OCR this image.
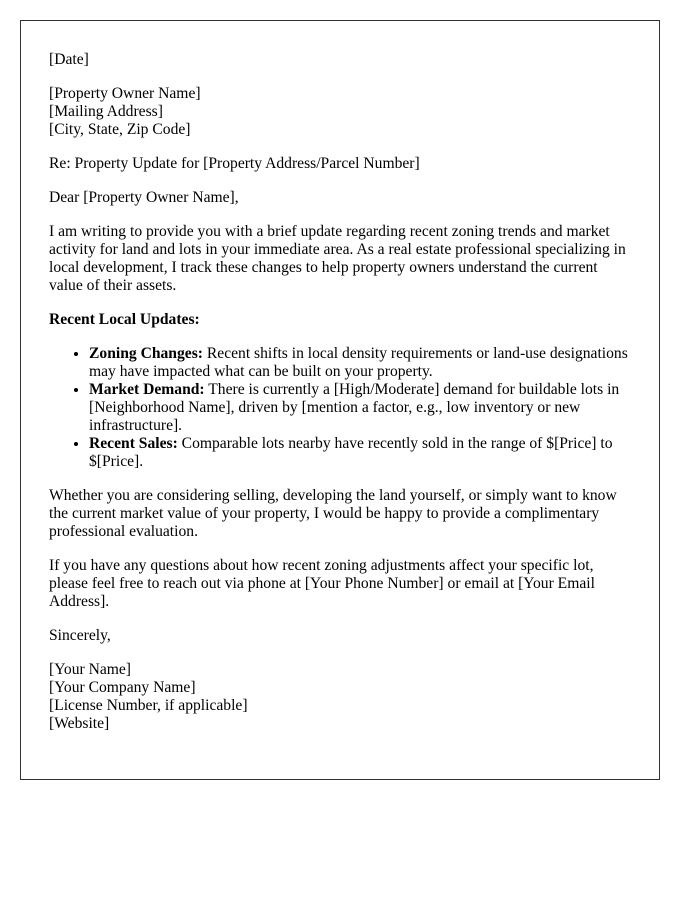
[Date]
[Property Owner Name]
[Mailing Address]
[City, State, Zip Code]

Re: Property Update for [Property Address/Parcel Number]

Dear [Property Owner Name],

I am writing to provide you with a brief update regarding recent zoning trends and market activity for land and lots in your immediate area. As a real estate professional specializing in local development, I track these changes to help property owners understand the current value of their assets.

Recent Local Updates:

• Zoning Changes: Recent shifts in local density requirements or land-use designations may have impacted what can be built on your property.
• Market Demand: There is currently a [High/Moderate] demand for buildable lots in [Neighborhood Name], driven by [mention a factor, e.g., low inventory or new infrastructure].
• Recent Sales: Comparable lots nearby have recently sold in the range of $[Price] to $[Price].

Whether you are considering selling, developing the land yourself, or simply want to know the current market value of your property, I would be happy to provide a complimentary professional evaluation.

If you have any questions about how recent zoning adjustments affect your specific lot, please feel free to reach out via phone at [Your Phone Number] or email at [Your Email Address].

Sincerely,

[Your Name]
[Your Company Name]
[License Number, if applicable]
[Website]
